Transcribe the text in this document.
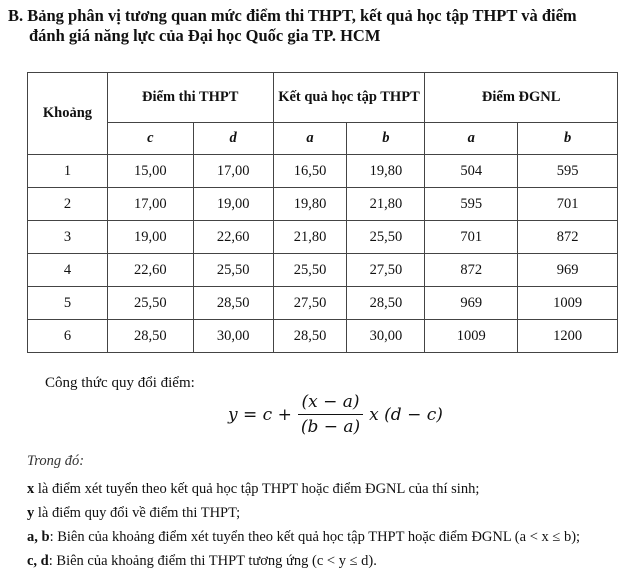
B. Bảng phân vị tương quan mức điểm thi THPT, kết quả học tập THPT và điểm
đánh giá năng lực của Đại học Quốc gia TP. HCM
Khoảng	Điểm thi THPT		Kết quả học tập THPT		Điểm ĐGNL	
	c	d	a	b	a	b
1	15,00	17,00	16,50	19,80	504	595
2	17,00	19,00	19,80	21,80	595	701
3	19,00	22,60	21,80	25,50	701	872
4	22,60	25,50	25,50	27,50	872	969
5	25,50	28,50	27,50	28,50	969	1009
6	28,50	30,00	28,50	30,00	1009	1200
Công thức quy đổi điểm:
$y = c + \frac{(x - a)}{(b - a)}$ x (d − c)
Trong đó:
x là điểm xét tuyển theo kết quả học tập THPT hoặc điểm ĐGNL của thí sinh;
y là điểm quy đổi về điểm thi THPT;
a, b: Biên của khoảng điểm xét tuyển theo kết quả học tập THPT hoặc điểm ĐGNL (a < x ≤ b);
c, d: Biên của khoảng điểm thi THPT tương ứng (c < y ≤ d).
